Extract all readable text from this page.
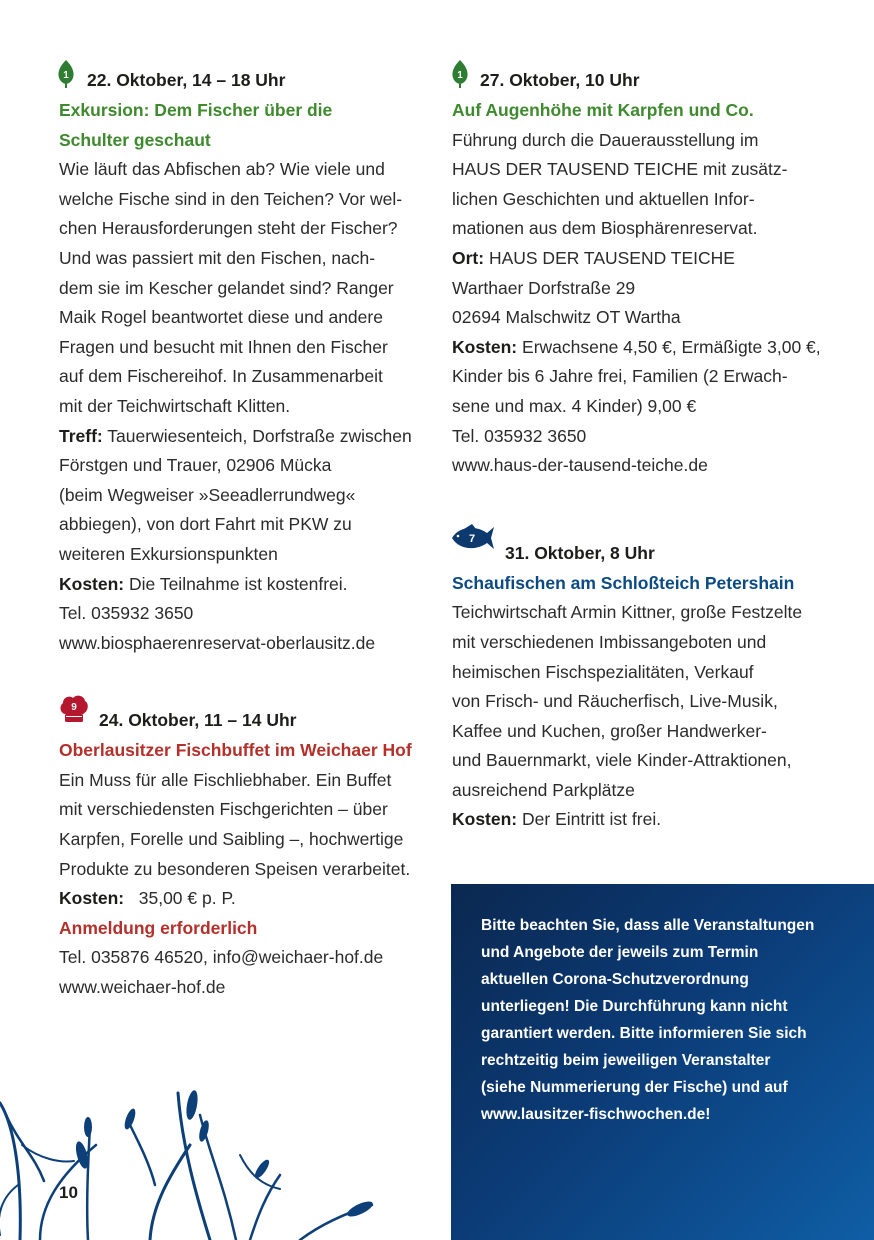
1 22. Oktober, 14 – 18 Uhr
Exkursion: Dem Fischer über die
Schulter geschaut
Wie läuft das Abfischen ab? Wie viele und
welche Fische sind in den Teichen? Vor wel-
chen Herausforderungen steht der Fischer?
Und was passiert mit den Fischen, nach-
dem sie im Kescher gelandet sind? Ranger
Maik Rogel beantwortet diese und andere
Fragen und besucht mit Ihnen den Fischer
auf dem Fischereihof. In Zusammenarbeit
mit der Teichwirtschaft Klitten.
Treff: Tauerwiesenteich, Dorfstraße zwischen
Förstgen und Trauer, 02906 Mücka
(beim Wegweiser »Seeadlerrundweg«
abbiegen), von dort Fahrt mit PKW zu
weiteren Exkursionspunkten
Kosten: Die Teilnahme ist kostenfrei.
Tel. 035932 3650
www.biosphaerenreservat-oberlausitz.de
9
24. Oktober, 11 – 14 Uhr
Oberlausitzer Fischbuffet im Weichaer Hof
Ein Muss für alle Fischliebhaber. Ein Buffet
mit verschiedensten Fischgerichten – über
Karpfen, Forelle und Saibling –, hochwertige
Produkte zu besonderen Speisen verarbeitet.
Kosten:   35,00 € p. P.
Anmeldung erforderlich
Tel. 035876 46520, info@weichaer-hof.de
www.weichaer-hof.de
1 27. Oktober, 10 Uhr
Auf Augenhöhe mit Karpfen und Co.
Führung durch die Dauerausstellung im
HAUS DER TAUSEND TEICHE mit zusätz-
lichen Geschichten und aktuellen Infor-
mationen aus dem Biosphärenreservat.
Ort: HAUS DER TAUSEND TEICHE
Warthaer Dorfstraße 29
02694 Malschwitz OT Wartha
Kosten: Erwachsene 4,50 €, Ermäßigte 3,00 €,
Kinder bis 6 Jahre frei, Familien (2 Erwach-
sene und max. 4 Kinder) 9,00 €
Tel. 035932 3650
www.haus-der-tausend-teiche.de
7
31. Oktober, 8 Uhr
Schaufischen am Schloßteich Petershain
Teichwirtschaft Armin Kittner, große Festzelte
mit verschiedenen Imbissangeboten und
heimischen Fischspezialitäten, Verkauf
von Frisch- und Räucherfisch, Live-Musik,
Kaffee und Kuchen, großer Handwerker-
und Bauernmarkt, viele Kinder-Attraktionen,
ausreichend Parkplätze
Kosten: Der Eintritt ist frei.
Bitte beachten Sie, dass alle Veranstaltungen
und Angebote der jeweils zum Termin
aktuellen Corona-Schutzverordnung
unterliegen! Die Durchführung kann nicht
garantiert werden. Bitte informieren Sie sich
rechtzeitig beim jeweiligen Veranstalter
(siehe Nummerierung der Fische) und auf
www.lausitzer-fischwochen.de!
10
